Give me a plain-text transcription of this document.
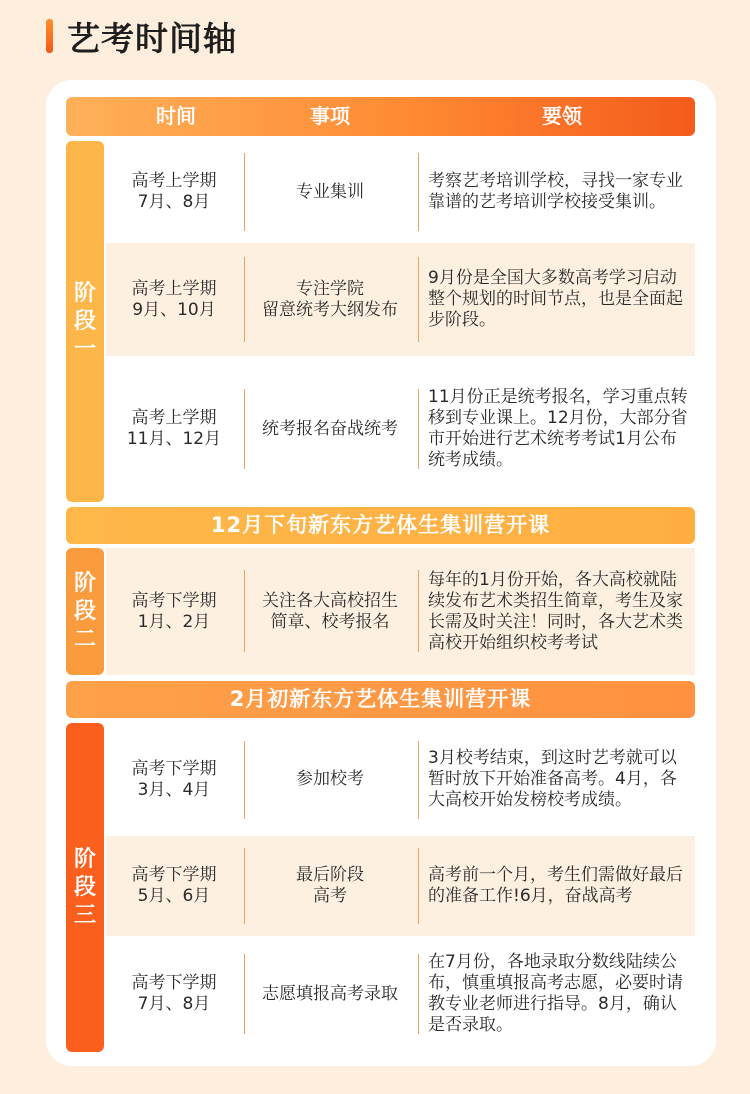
艺考时间轴
时间	事项	要领
阶
段
一
高考上学期
7月、8月
专业集训
考察艺考培训学校，寻找一家专业靠谱的艺考培训学校接受集训。
高考上学期
9月、10月
专注学院
留意统考大纲发布
9月份是全国大多数高考学习启动整个规划的时间节点，也是全面起步阶段。
高考上学期
11月、12月
统考报名奋战统考
11月份正是统考报名，学习重点转移到专业课上。12月份，大部分省市开始进行艺术统考考试1月公布统考成绩。
12月下旬新东方艺体生集训营开课
阶
段
二
高考下学期
1月、2月
关注各大高校招生
简章、校考报名
每年的1月份开始，各大高校就陆续发布艺术类招生简章，考生及家长需及时关注！同时，各大艺术类高校开始组织校考考试
2月初新东方艺体生集训营开课
阶
段
三
高考下学期
3月、4月
参加校考
3月校考结束，到这时艺考就可以暂时放下开始准备高考。4月，各大高校开始发榜校考成绩。
高考下学期
5月、6月
最后阶段
高考
高考前一个月，考生们需做好最后的准备工作!6月，奋战高考
高考下学期
7月、8月
志愿填报高考录取
在7月份，各地录取分数线陆续公布，慎重填报高考志愿，必要时请教专业老师进行指导。8月，确认是否录取。
